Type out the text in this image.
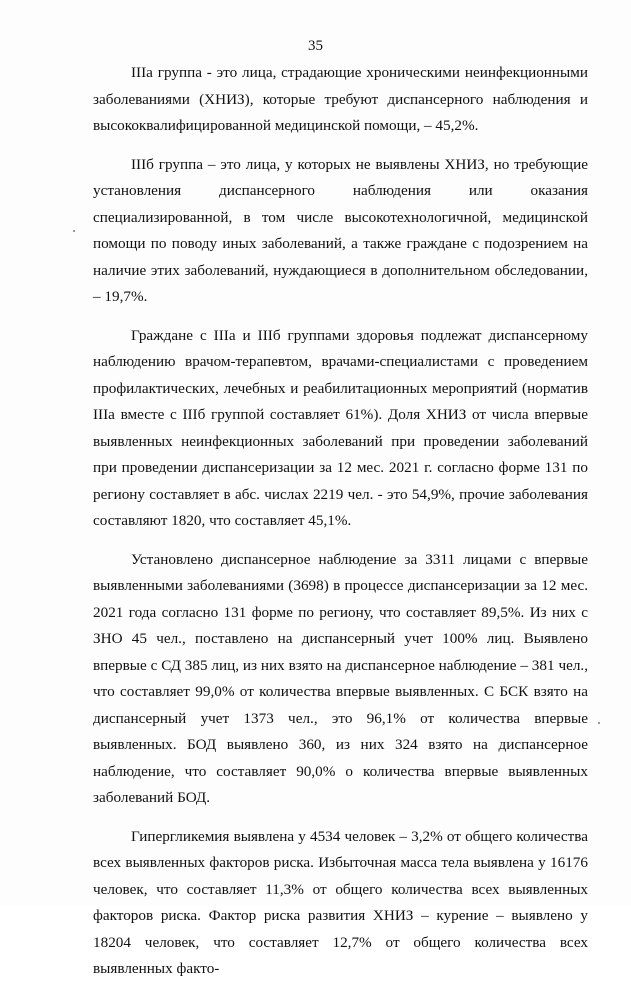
35

IIIa группа - это лица, страдающие хроническими неинфекционными заболеваниями (ХНИЗ), которые требуют диспансерного наблюдения и высококвалифицированной медицинской помощи, – 45,2%.

IIIб группа – это лица, у которых не выявлены ХНИЗ, но требующие установления диспансерного наблюдения или оказания специализированной, в том числе высокотехнологичной, медицинской помощи по поводу иных заболеваний, а также граждане с подозрением на наличие этих заболеваний, нуждающиеся в дополнительном обследовании, – 19,7%.

Граждане с IIIa и IIIб группами здоровья подлежат диспансерному наблюдению врачом-терапевтом, врачами-специалистами с проведением профилактических, лечебных и реабилитационных мероприятий (норматив IIIa вместе с IIIб группой составляет 61%). Доля ХНИЗ от числа впервые выявленных неинфекционных заболеваний при проведении заболеваний при проведении диспансеризации за 12 мес. 2021 г. согласно форме 131 по региону составляет в абс. числах 2219 чел. - это 54,9%, прочие заболевания составляют 1820, что составляет 45,1%.

Установлено диспансерное наблюдение за 3311 лицами с впервые выявленными заболеваниями (3698) в процессе диспансеризации за 12 мес. 2021 года согласно 131 форме по региону, что составляет 89,5%. Из них с ЗНО 45 чел., поставлено на диспансерный учет 100% лиц. Выявлено впервые с СД 385 лиц, из них взято на диспансерное наблюдение – 381 чел., что составляет 99,0% от количества впервые выявленных. С БСК взято на диспансерный учет 1373 чел., это 96,1% от количества впервые выявленных. БОД выявлено 360, из них 324 взято на диспансерное наблюдение, что составляет 90,0% о количества впервые выявленных заболеваний БОД.

Гипергликемия выявлена у 4534 человек – 3,2% от общего количества всех выявленных факторов риска. Избыточная масса тела выявлена у 16176 человек, что составляет 11,3% от общего количества всех выявленных факторов риска. Фактор риска развития ХНИЗ – курение – выявлено у 18204 человек, что составляет 12,7% от общего количества всех выявленных факто-
